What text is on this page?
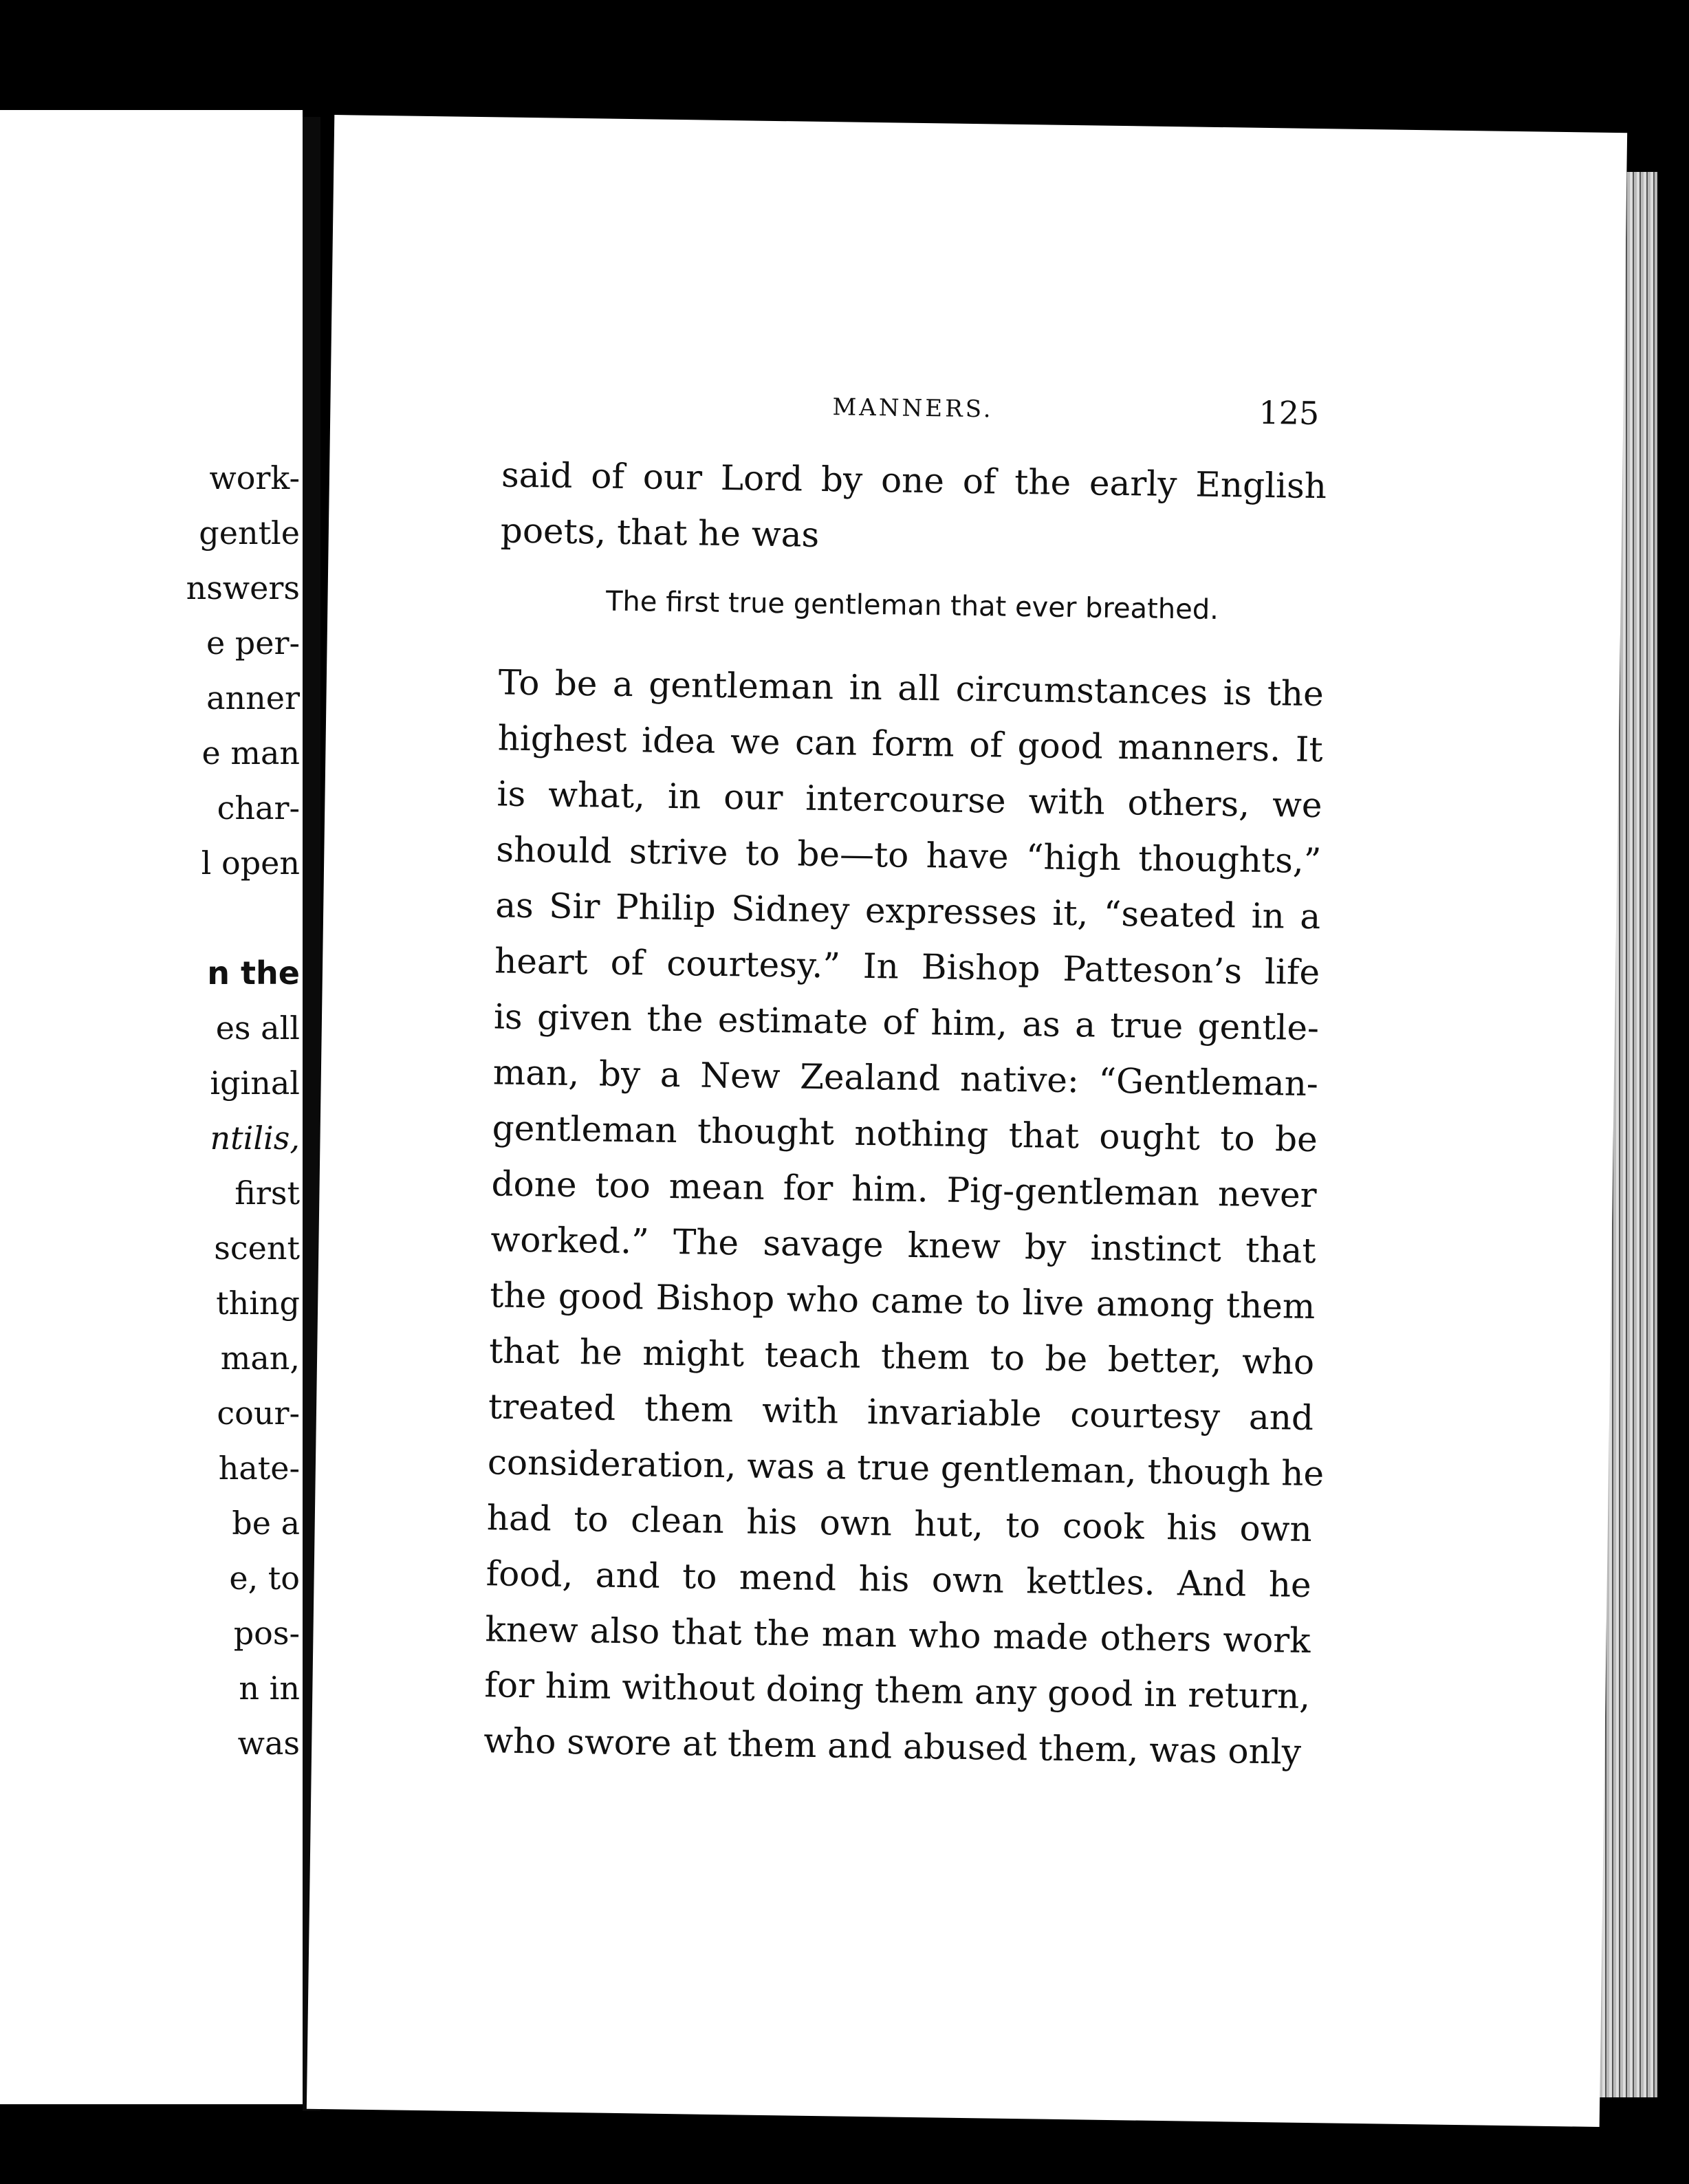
work-
gentle
nswers
e per-
anner
e man
char-
l open
n the
es all
iginal
ntilis,
first
scent
thing
man,
cour-
hate-
be a
e, to
pos-
n in
was
MANNERS.	125
said of our Lord by one of the early English
poets, that he was
The first true gentleman that ever breathed.
To be a gentleman in all circumstances is the
highest idea we can form of good manners. It
is what, in our intercourse with others, we
should strive to be—to have “high thoughts,”
as Sir Philip Sidney expresses it, “seated in a
heart of courtesy.” In Bishop Patteson’s life
is given the estimate of him, as a true gentle-
man, by a New Zealand native: “Gentleman-
gentleman thought nothing that ought to be
done too mean for him. Pig-gentleman never
worked.” The savage knew by instinct that
the good Bishop who came to live among them
that he might teach them to be better, who
treated them with invariable courtesy and
consideration, was a true gentleman, though he
had to clean his own hut, to cook his own
food, and to mend his own kettles. And he
knew also that the man who made others work
for him without doing them any good in return,
who swore at them and abused them, was only
